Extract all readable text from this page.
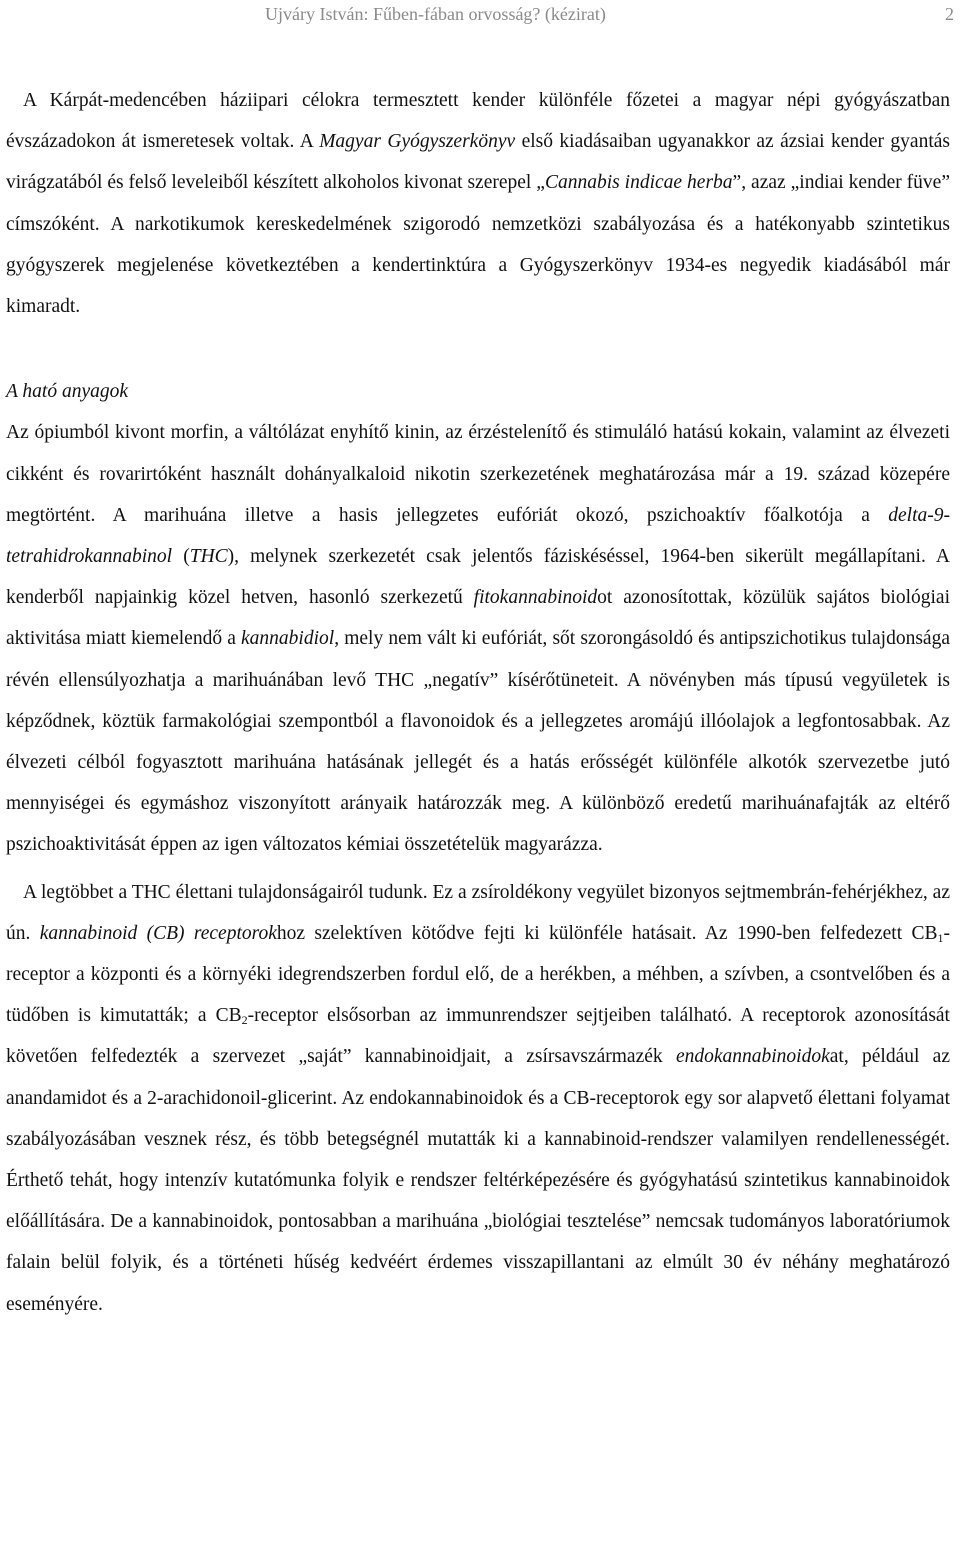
Ujváry István: Fűben-fában orvosság? (kézirat)	2

A Kárpát-medencében háziipari célokra termesztett kender különféle főzetei a magyar népi gyógyászatban évszázadokon át ismeretesek voltak. A Magyar Gyógyszerkönyv első kiadásaiban ugyanakkor az ázsiai kender gyantás virágzatából és felső leveleiből készített alkoholos kivonat szerepel „Cannabis indicae herba”, azaz „indiai kender füve” címszóként. A narkotikumok kereskedelmének szigorodó nemzetközi szabályozása és a hatékonyabb szintetikus gyógyszerek megjelenése következtében a kendertinktúra a Gyógyszerkönyv 1934-es negyedik kiadásából már kimaradt.

A ható anyagok

Az ópiumból kivont morfin, a váltólázat enyhítő kinin, az érzéstelenítő és stimuláló hatású kokain, valamint az élvezeti cikként és rovarirtóként használt dohányalkaloid nikotin szerkezetének meghatározása már a 19. század közepére megtörtént. A marihuána illetve a hasis jellegzetes eufóriát okozó, pszichoaktív főalkotója a delta-9-tetrahidrokannabinol (THC), melynek szerkezetét csak jelentős fáziskéséssel, 1964-ben sikerült megállapítani. A kenderből napjainkig közel hetven, hasonló szerkezetű fitokannabinoidot azonosítottak, közülük sajátos biológiai aktivitása miatt kiemelendő a kannabidiol, mely nem vált ki eufóriát, sőt szorongásoldó és antipszichotikus tulajdonsága révén ellensúlyozhatja a marihuánában levő THC „negatív” kísérőtüneteit. A növényben más típusú vegyületek is képződnek, köztük farmakológiai szempontból a flavonoidok és a jellegzetes aromájú illóolajok a legfontosabbak. Az élvezeti célból fogyasztott marihuána hatásának jellegét és a hatás erősségét különféle alkotók szervezetbe jutó mennyiségei és egymáshoz viszonyított arányaik határozzák meg. A különböző eredetű marihuánafajták az eltérő pszichoaktivitását éppen az igen változatos kémiai összetételük magyarázza.

A legtöbbet a THC élettani tulajdonságairól tudunk. Ez a zsíroldékony vegyület bizonyos sejtmembrán-fehérjékhez, az ún. kannabinoid (CB) receptorokhoz szelektíven kötődve fejti ki különféle hatásait. Az 1990-ben felfedezett $CB_1$-receptor a központi és a környéki idegrendszerben fordul elő, de a herékben, a méhben, a szívben, a csontvelőben és a tüdőben is kimutatták; a $CB_2$-receptor elsősorban az immunrendszer sejtjeiben található. A receptorok azonosítását követően felfedezték a szervezet „saját” kannabinoidjait, a zsírsavszármazék endokannabinoidokat, például az anandamidot és a 2-arachidonoil-glicerint. Az endokannabinoidok és a CB-receptorok egy sor alapvető élettani folyamat szabályozásában vesznek rész, és több betegségnél mutatták ki a kannabinoid-rendszer valamilyen rendellenességét. Érthető tehát, hogy intenzív kutatómunka folyik e rendszer feltérképezésére és gyógyhatású szintetikus kannabinoidok előállítására. De a kannabinoidok, pontosabban a marihuána „biológiai tesztelése” nemcsak tudományos laboratóriumok falain belül folyik, és a történeti hűség kedvéért érdemes visszapillantani az elmúlt 30 év néhány meghatározó eseményére.
